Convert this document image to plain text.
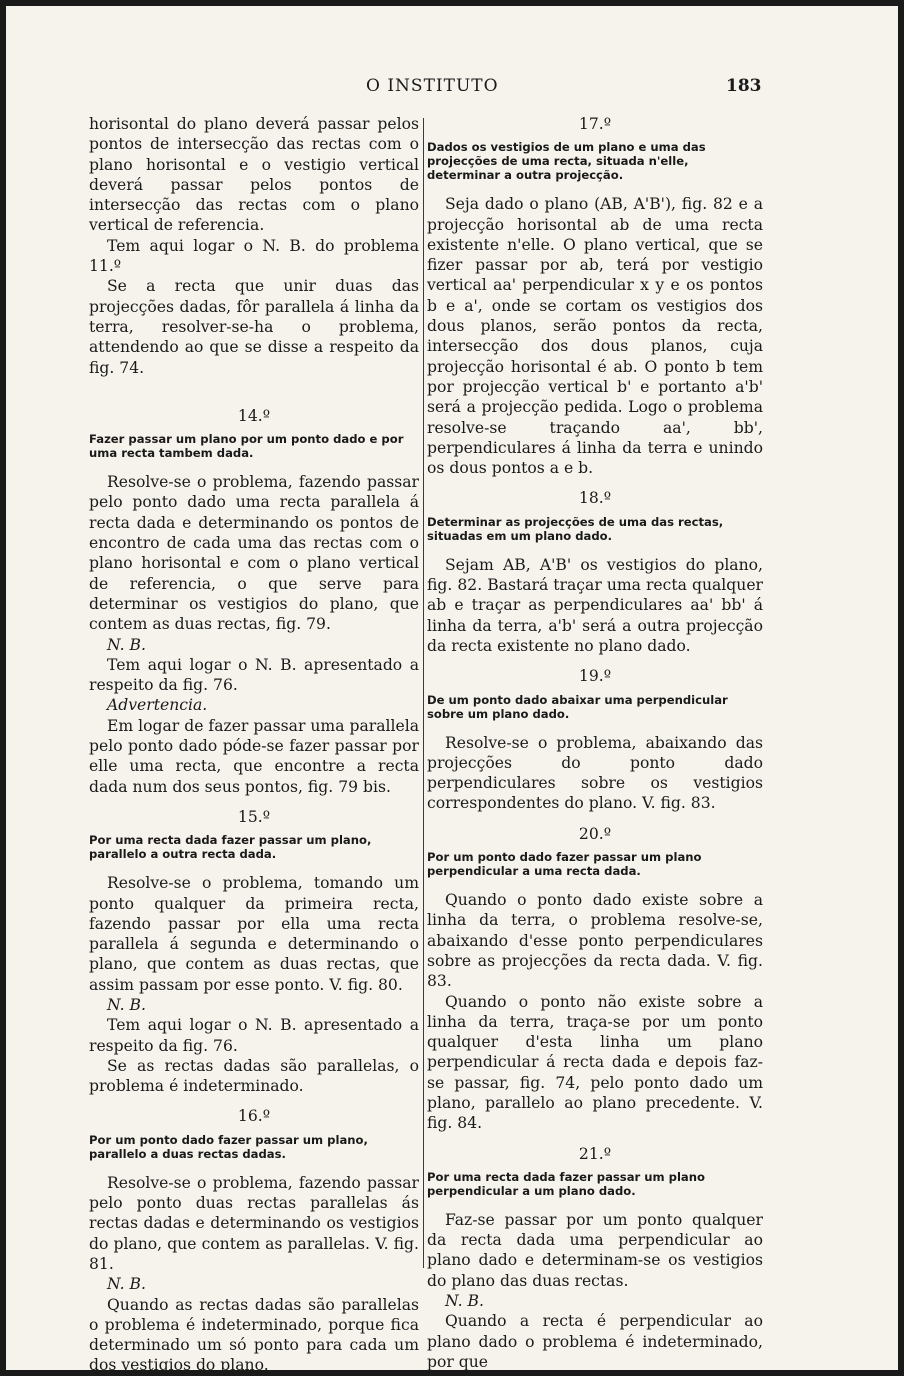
O INSTITUTO	183

horisontal do plano deverá passar pelos pontos de intersecção das rectas com o plano horisontal e o vestigio vertical deverá passar pelos pontos de intersecção das rectas com o plano vertical de referencia.

Tem aqui logar o N. B. do problema 11.º

Se a recta que unir duas das projecções dadas, fôr parallela á linha da terra, resolver-se-ha o problema, attendendo ao que se disse a respeito da fig. 74.

14.º
Fazer passar um plano por um ponto dado e por uma recta tambem dada.

Resolve-se o problema, fazendo passar pelo ponto dado uma recta parallela á recta dada e determinando os pontos de encontro de cada uma das rectas com o plano horisontal e com o plano vertical de referencia, o que serve para determinar os vestigios do plano, que contem as duas rectas, fig. 79.

N. B.

Tem aqui logar o N. B. apresentado a respeito da fig. 76.

Advertencia.

Em logar de fazer passar uma parallela pelo ponto dado póde-se fazer passar por elle uma recta, que encontre a recta dada num dos seus pontos, fig. 79 bis.

15.º
Por uma recta dada fazer passar um plano, parallelo a outra recta dada.

Resolve-se o problema, tomando um ponto qualquer da primeira recta, fazendo passar por ella uma recta parallela á segunda e determinando o plano, que contem as duas rectas, que assim passam por esse ponto. V. fig. 80.

N. B.

Tem aqui logar o N. B. apresentado a respeito da fig. 76.

Se as rectas dadas são parallelas, o problema é indeterminado.

16.º
Por um ponto dado fazer passar um plano, parallelo a duas rectas dadas.

Resolve-se o problema, fazendo passar pelo ponto duas rectas parallelas ás rectas dadas e determinando os vestigios do plano, que contem as parallelas. V. fig. 81.

N. B.

Quando as rectas dadas são parallelas o problema é indeterminado, porque fica determinado um só ponto para cada um dos vestigios do plano.

17.º
Dados os vestigios de um plano e uma das projecções de uma recta, situada n'elle, determinar a outra projecção.

Seja dado o plano (AB, A'B'), fig. 82 e a projecção horisontal ab de uma recta existente n'elle. O plano vertical, que se fizer passar por ab, terá por vestigio vertical aa' perpendicular x y e os pontos b e a', onde se cortam os vestigios dos dous planos, serão pontos da recta, intersecção dos dous planos, cuja projecção horisontal é ab. O ponto b tem por projecção vertical b' e portanto a'b' será a projecção pedida. Logo o problema resolve-se traçando aa', bb', perpendiculares á linha da terra e unindo os dous pontos a e b.

18.º
Determinar as projecções de uma das rectas, situadas em um plano dado.

Sejam AB, A'B' os vestigios do plano, fig. 82. Bastará traçar uma recta qualquer ab e traçar as perpendiculares aa' bb' á linha da terra, a'b' será a outra projecção da recta existente no plano dado.

19.º
De um ponto dado abaixar uma perpendicular sobre um plano dado.

Resolve-se o problema, abaixando das projecções do ponto dado perpendiculares sobre os vestigios correspondentes do plano. V. fig. 83.

20.º
Por um ponto dado fazer passar um plano perpendicular a uma recta dada.

Quando o ponto dado existe sobre a linha da terra, o problema resolve-se, abaixando d'esse ponto perpendiculares sobre as projecções da recta dada. V. fig. 83.

Quando o ponto não existe sobre a linha da terra, traça-se por um ponto qualquer d'esta linha um plano perpendicular á recta dada e depois faz-se passar, fig. 74, pelo ponto dado um plano, parallelo ao plano precedente. V. fig. 84.

21.º
Por uma recta dada fazer passar um plano perpendicular a um plano dado.

Faz-se passar por um ponto qualquer da recta dada uma perpendicular ao plano dado e determinam-se os vestigios do plano das duas rectas.

N. B.

Quando a recta é perpendicular ao plano dado o problema é indeterminado, por que
